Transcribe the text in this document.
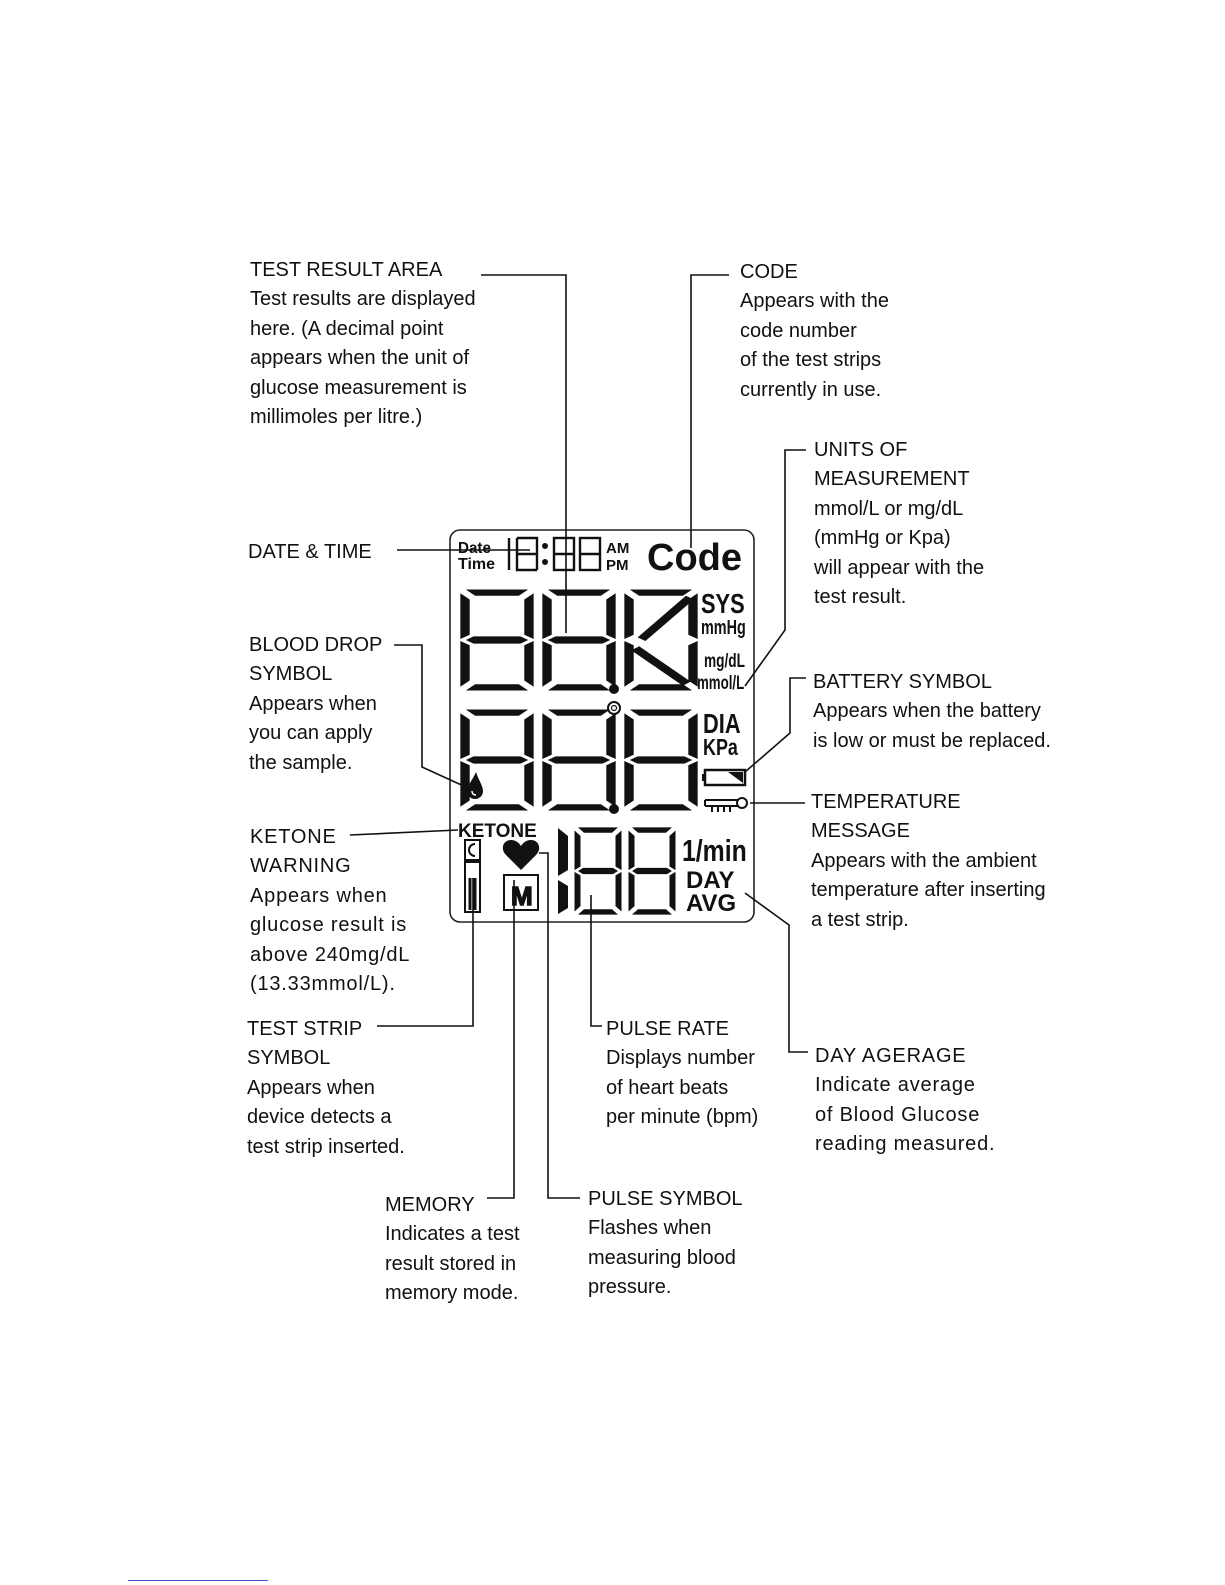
TEST RESULT AREA
Test results are displayed
here. (A decimal point
appears when the unit of
glucose measurement is
millimoles per litre.)
CODE
Appears with the
code number
of the test strips
currently in use.
UNITS OF
MEASUREMENT
mmol/L or mg/dL
(mmHg or Kpa)
will appear with the
test result.
DATE & TIME
BLOOD DROP
SYMBOL
Appears when
you can apply
the sample.
BATTERY SYMBOL
Appears when the battery
is low or must be replaced.
TEMPERATURE
MESSAGE
Appears with the ambient
temperature after inserting
a test strip.
KETONE
WARNING
Appears when
glucose result is
above 240mg/dL
(13.33mmol/L).
TEST STRIP
SYMBOL
Appears when
device detects a
test strip inserted.
PULSE RATE
Displays number
of heart beats
per minute (bpm)
DAY AGERAGE
Indicate average
of Blood Glucose
reading measured.
MEMORY
Indicates a test
result stored in
memory mode.
PULSE SYMBOL
Flashes when
measuring blood
pressure.
Date
Time
AM
PM Code
SYS
mmHg
mg/dL
mmol/L
DIA
KPa
KETONE
M
1/min
DAY
AVG
